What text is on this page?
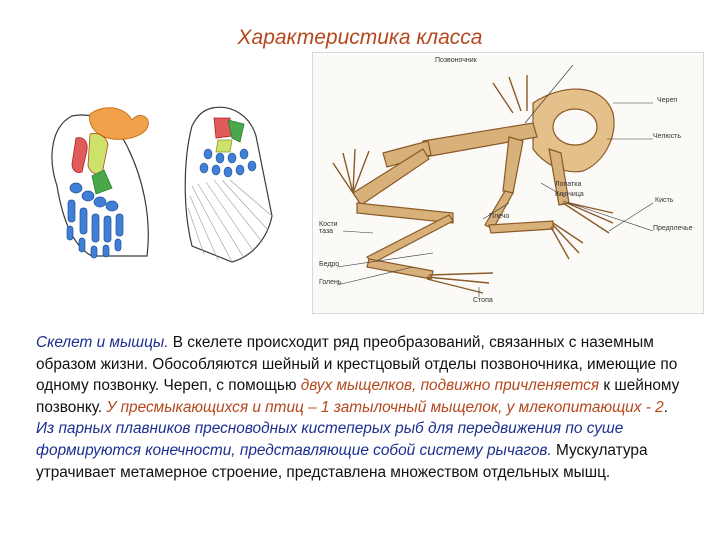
Характеристика класса
Позвоночник
Череп
Челюсть
Лопатка
Ключица
Плечо
Кисть
Предплечье
Кости
таза
Бедро
Голень
Стопа
Скелет и мышцы. В скелете происходит ряд преобразований, связанных с наземным образом жизни. Обособляются шейный и крестцовый отделы позвоночника, имеющие по одному позвонку. Череп, с помощью двух мыщелков, подвижно причленяется к шейному позвонку. У пресмыкающихся и птиц – 1 затылочный мыщелок, у млекопитающих - 2. Из парных плавников пресноводных кистеперых рыб для передвижения по суше формируются конечности, представляющие собой систему рычагов. Мускулатура утрачивает метамерное строение, представлена множеством отдельных мышц.
